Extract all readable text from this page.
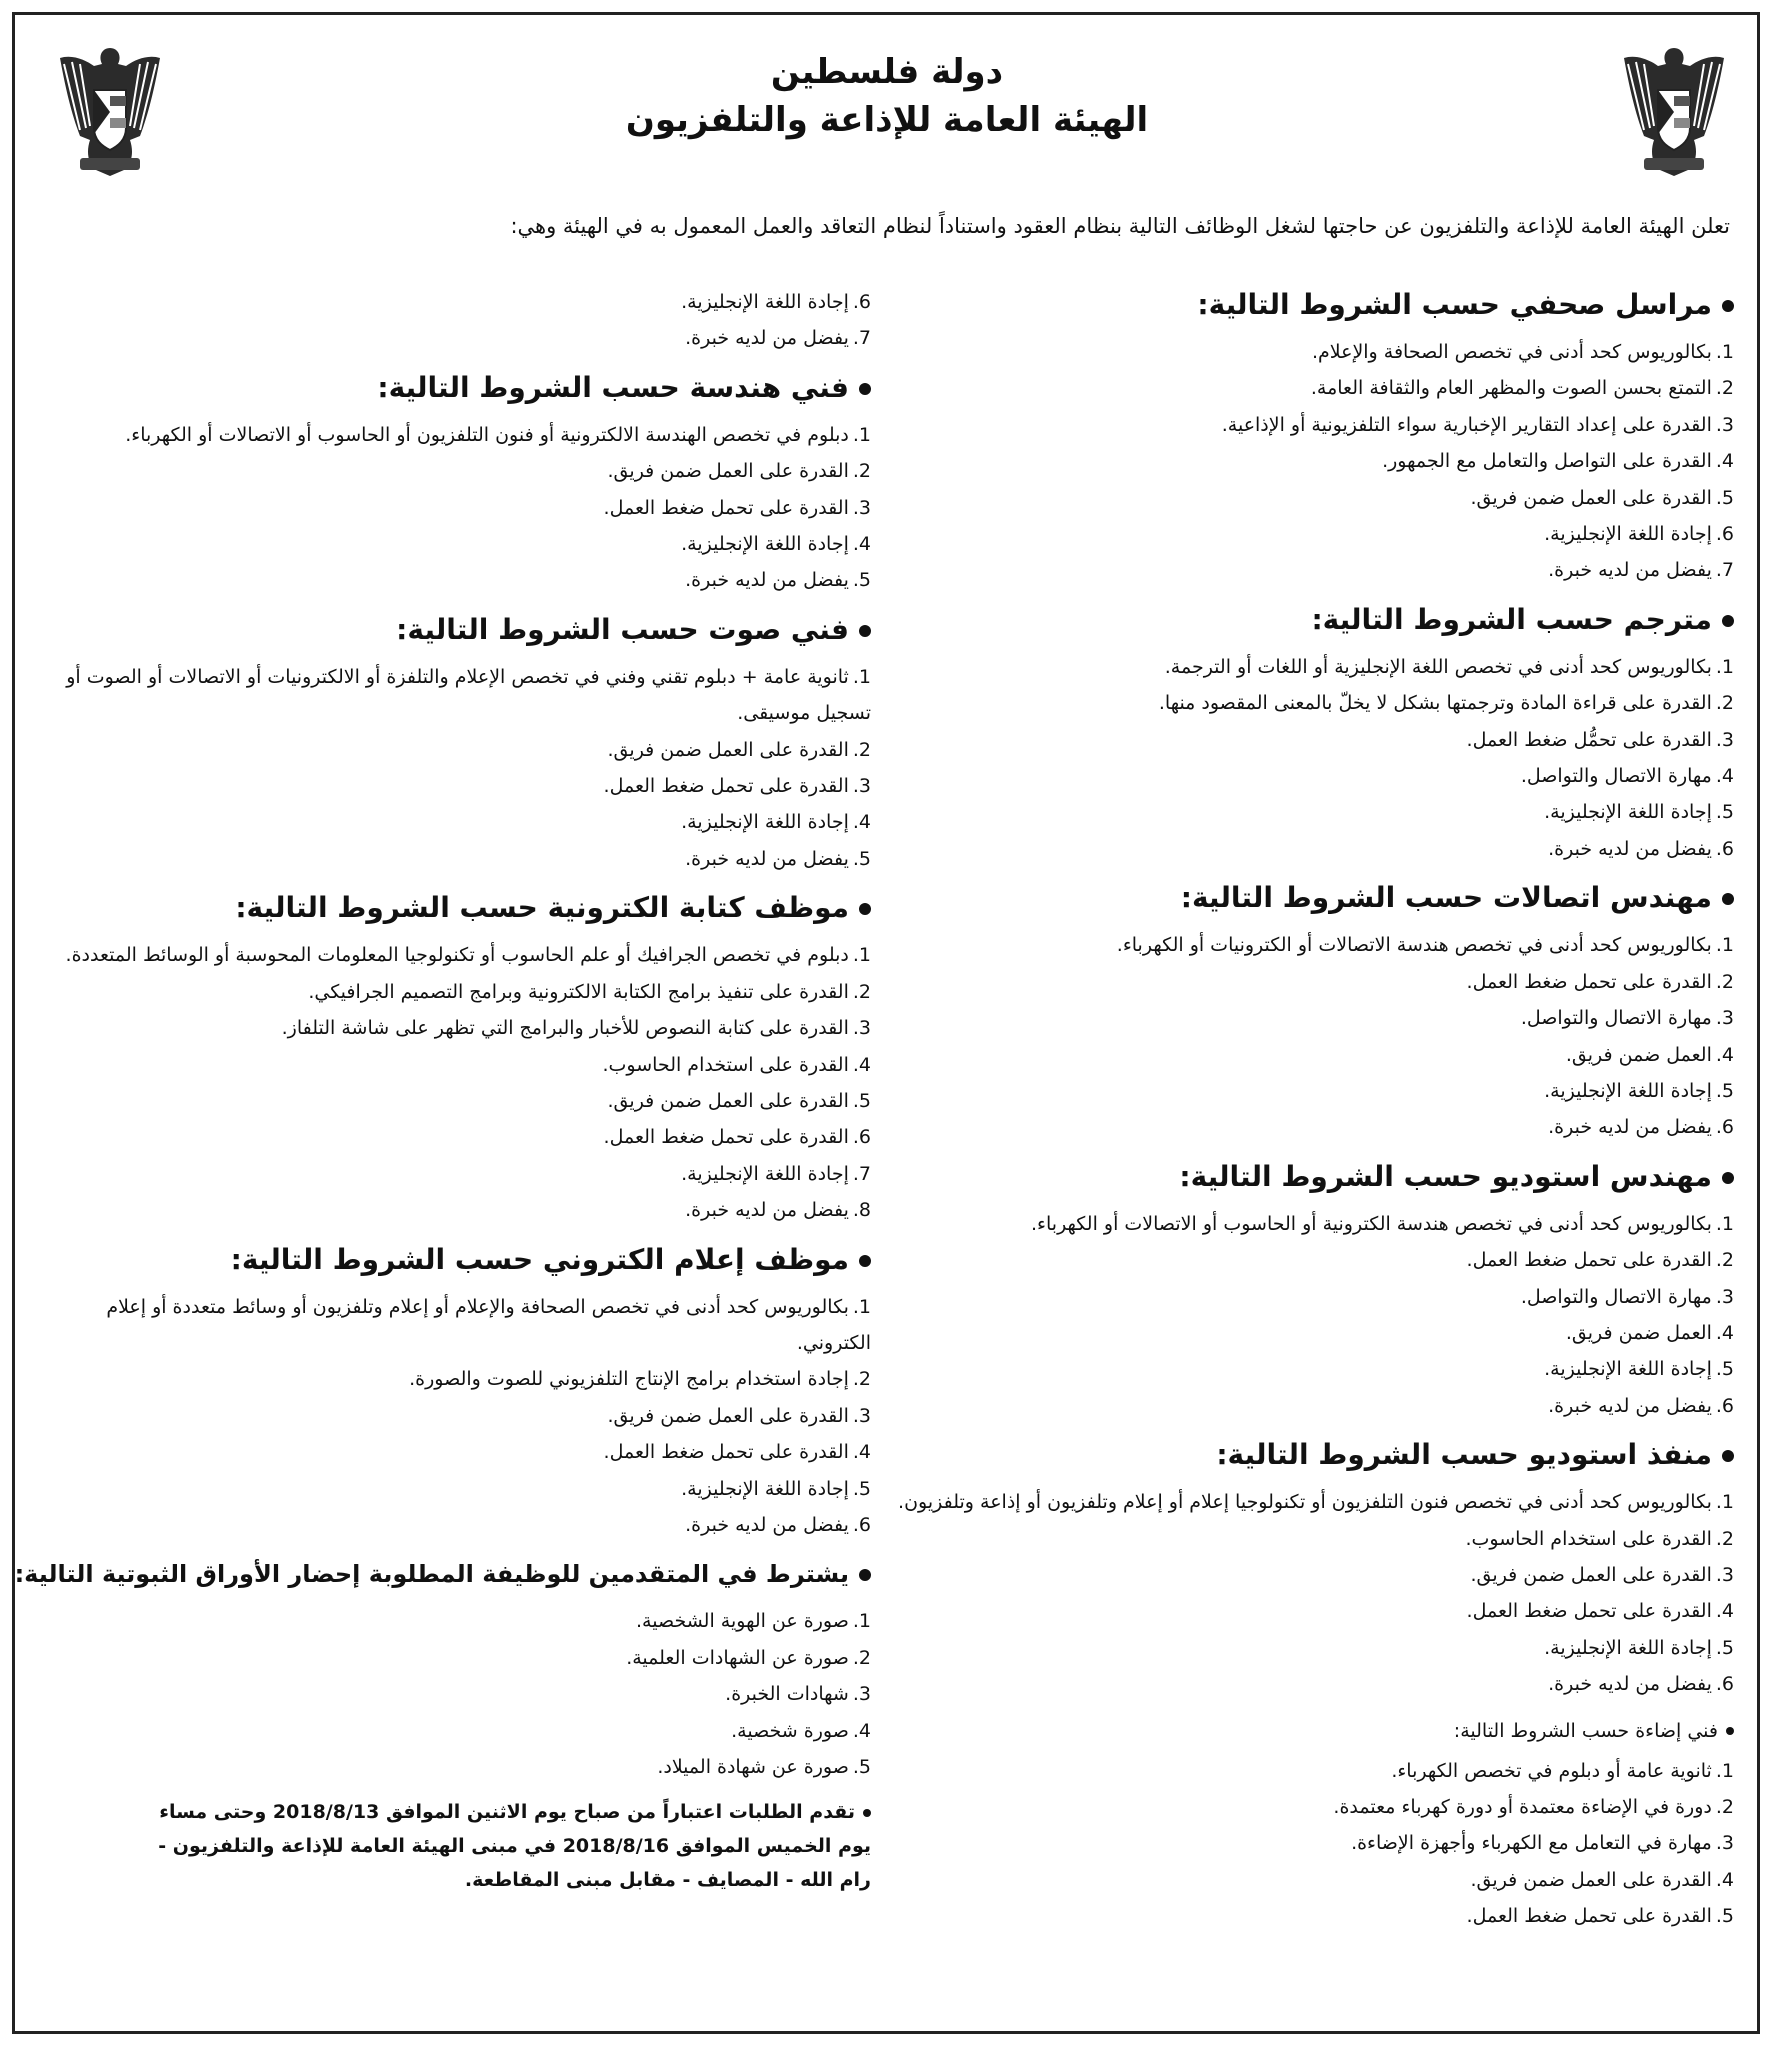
دولة فلسطين
الهيئة العامة للإذاعة والتلفزيون
تعلن الهيئة العامة للإذاعة والتلفزيون عن حاجتها لشغل الوظائف التالية بنظام العقود واستناداً لنظام التعاقد والعمل المعمول به في الهيئة وهي:
مراسل صحفي حسب الشروط التالية:
1.بكالوريوس كحد أدنى في تخصص الصحافة والإعلام.
2.التمتع بحسن الصوت والمظهر العام والثقافة العامة.
3.القدرة على إعداد التقارير الإخبارية سواء التلفزيونية أو الإذاعية.
4.القدرة على التواصل والتعامل مع الجمهور.
5.القدرة على العمل ضمن فريق.
6.إجادة اللغة الإنجليزية.
7.يفضل من لديه خبرة.
مترجم حسب الشروط التالية:
1.بكالوريوس كحد أدنى في تخصص اللغة الإنجليزية أو اللغات أو الترجمة.
2.القدرة على قراءة المادة وترجمتها بشكل لا يخلّ بالمعنى المقصود منها.
3.القدرة على تحمُّل ضغط العمل.
4.مهارة الاتصال والتواصل.
5.إجادة اللغة الإنجليزية.
6.يفضل من لديه خبرة.
مهندس اتصالات حسب الشروط التالية:
1.بكالوريوس كحد أدنى في تخصص هندسة الاتصالات أو الكترونيات أو الكهرباء.
2.القدرة على تحمل ضغط العمل.
3.مهارة الاتصال والتواصل.
4.العمل ضمن فريق.
5.إجادة اللغة الإنجليزية.
6.يفضل من لديه خبرة.
مهندس استوديو حسب الشروط التالية:
1.بكالوريوس كحد أدنى في تخصص هندسة الكترونية أو الحاسوب أو الاتصالات أو الكهرباء.
2.القدرة على تحمل ضغط العمل.
3.مهارة الاتصال والتواصل.
4.العمل ضمن فريق.
5.إجادة اللغة الإنجليزية.
6.يفضل من لديه خبرة.
منفذ استوديو حسب الشروط التالية:
1.بكالوريوس كحد أدنى في تخصص فنون التلفزيون أو تكنولوجيا إعلام أو إعلام وتلفزيون أو إذاعة وتلفزيون.
2.القدرة على استخدام الحاسوب.
3.القدرة على العمل ضمن فريق.
4.القدرة على تحمل ضغط العمل.
5.إجادة اللغة الإنجليزية.
6.يفضل من لديه خبرة.
فني إضاءة حسب الشروط التالية:
1.ثانوية عامة أو دبلوم في تخصص الكهرباء.
2.دورة في الإضاءة معتمدة أو دورة كهرباء معتمدة.
3.مهارة في التعامل مع الكهرباء وأجهزة الإضاءة.
4.القدرة على العمل ضمن فريق.
5.القدرة على تحمل ضغط العمل.
6.إجادة اللغة الإنجليزية.
7.يفضل من لديه خبرة.
فني هندسة حسب الشروط التالية:
1.دبلوم في تخصص الهندسة الالكترونية أو فنون التلفزيون أو الحاسوب أو الاتصالات أو الكهرباء.
2.القدرة على العمل ضمن فريق.
3.القدرة على تحمل ضغط العمل.
4.إجادة اللغة الإنجليزية.
5.يفضل من لديه خبرة.
فني صوت حسب الشروط التالية:
1.ثانوية عامة + دبلوم تقني وفني في تخصص الإعلام والتلفزة أو الالكترونيات أو الاتصالات أو الصوت أو تسجيل موسيقى.
2.القدرة على العمل ضمن فريق.
3.القدرة على تحمل ضغط العمل.
4.إجادة اللغة الإنجليزية.
5.يفضل من لديه خبرة.
موظف كتابة الكترونية حسب الشروط التالية:
1.دبلوم في تخصص الجرافيك أو علم الحاسوب أو تكنولوجيا المعلومات المحوسبة أو الوسائط المتعددة.
2.القدرة على تنفيذ برامج الكتابة الالكترونية وبرامج التصميم الجرافيكي.
3.القدرة على كتابة النصوص للأخبار والبرامج التي تظهر على شاشة التلفاز.
4.القدرة على استخدام الحاسوب.
5.القدرة على العمل ضمن فريق.
6.القدرة على تحمل ضغط العمل.
7.إجادة اللغة الإنجليزية.
8.يفضل من لديه خبرة.
موظف إعلام الكتروني حسب الشروط التالية:
1.بكالوريوس كحد أدنى في تخصص الصحافة والإعلام أو إعلام وتلفزيون أو وسائط متعددة أو إعلام الكتروني.
2.إجادة استخدام برامج الإنتاج التلفزيوني للصوت والصورة.
3.القدرة على العمل ضمن فريق.
4.القدرة على تحمل ضغط العمل.
5.إجادة اللغة الإنجليزية.
6.يفضل من لديه خبرة.
يشترط في المتقدمين للوظيفة المطلوبة إحضار الأوراق الثبوتية التالية:
1.صورة عن الهوية الشخصية.
2.صورة عن الشهادات العلمية.
3.شهادات الخبرة.
4.صورة شخصية.
5.صورة عن شهادة الميلاد.
تقدم الطلبات اعتباراً من صباح يوم الاثنين الموافق 2018/8/13 وحتى مساء يوم الخميس الموافق 2018/8/16 في مبنى الهيئة العامة للإذاعة والتلفزيون - رام الله - المصايف - مقابل مبنى المقاطعة.
